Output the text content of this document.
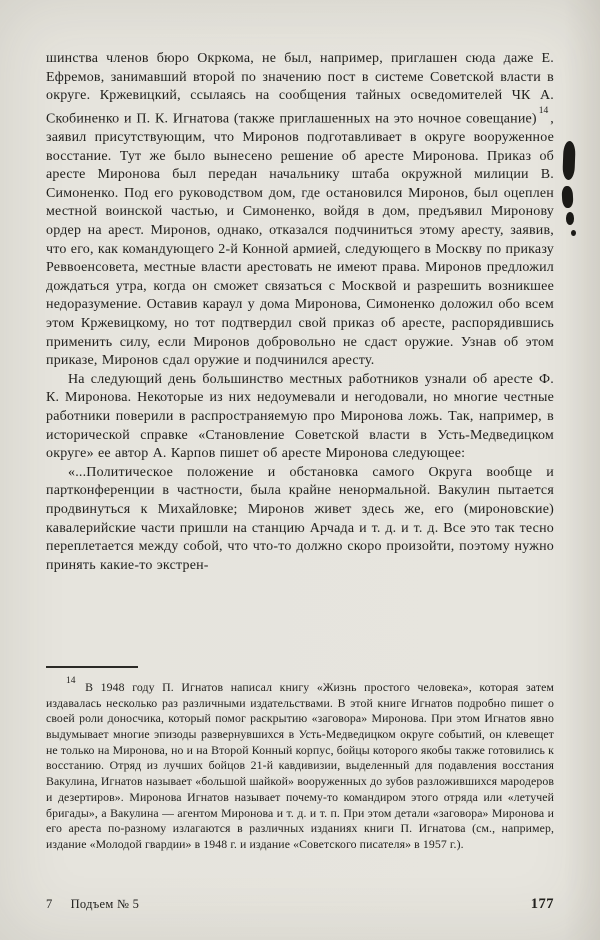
шинства членов бюро Окркома, не был, например, приглашен сюда даже Е. Ефремов, занимавший второй по значению пост в системе Советской власти в округе. Кржевицкий, ссылаясь на сообщения тайных осведомителей ЧК А. Скобиненко и П. К. Игнатова (также приглашенных на это ночное совещание)$^{14}$, заявил присутствующим, что Миронов подготавливает в округе вооруженное восстание. Тут же было вынесено решение об аресте Миронова. Приказ об аресте Миронова был передан начальнику штаба окружной милиции В. Симоненко. Под его руководством дом, где остановился Миронов, был оцеплен местной воинской частью, и Симоненко, войдя в дом, предъявил Миронову ордер на арест. Миронов, однако, отказался подчиниться этому аресту, заявив, что его, как командующего 2-й Конной армией, следующего в Москву по приказу Реввоенсовета, местные власти арестовать не имеют права. Миронов предложил дождаться утра, когда он сможет связаться с Москвой и разрешить возникшее недоразумение. Оставив караул у дома Миронова, Симоненко доложил обо всем этом Кржевицкому, но тот подтвердил свой приказ об аресте, распорядившись применить силу, если Миронов добровольно не сдаст оружие. Узнав об этом приказе, Миронов сдал оружие и подчинился аресту.

На следующий день большинство местных работников узнали об аресте Ф. К. Миронова. Некоторые из них недоумевали и негодовали, но многие честные работники поверили в распространяемую про Миронова ложь. Так, например, в исторической справке «Становление Советской власти в Усть-Медведицком округе» ее автор А. Карпов пишет об аресте Миронова следующее:

«...Политическое положение и обстановка самого Округа вообще и партконференции в частности, была крайне ненормальной. Вакулин пытается продвинуться к Михайловке; Миронов живет здесь же, его (мироновские) кавалерийские части пришли на станцию Арчада и т. д. и т. д. Все это так тесно переплетается между собой, что что-то должно скоро произойти, поэтому нужно принять какие-то экстрен-

$^{14}$ В 1948 году П. Игнатов написал книгу «Жизнь простого человека», которая затем издавалась несколько раз различными издательствами. В этой книге Игнатов подробно пишет о своей роли доносчика, который помог раскрытию «заговора» Миронова. При этом Игнатов явно выдумывает многие эпизоды развернувшихся в Усть-Медведицком округе событий, он клевещет не только на Миронова, но и на Второй Конный корпус, бойцы которого якобы также готовились к восстанию. Отряд из лучших бойцов 21-й кавдивизии, выделенный для подавления восстания Вакулина, Игнатов называет «большой шайкой» вооруженных до зубов разложившихся мародеров и дезертиров». Миронова Игнатов называет почему-то командиром этого отряда или «летучей бригады», а Вакулина — агентом Миронова и т. д. и т. п. При этом детали «заговора» Миронова и его ареста по-разному излагаются в различных изданиях книги П. Игнатова (см., например, издание «Молодой гвардии» в 1948 г. и издание «Советского писателя» в 1957 г.).

7 Подъем № 5	177
